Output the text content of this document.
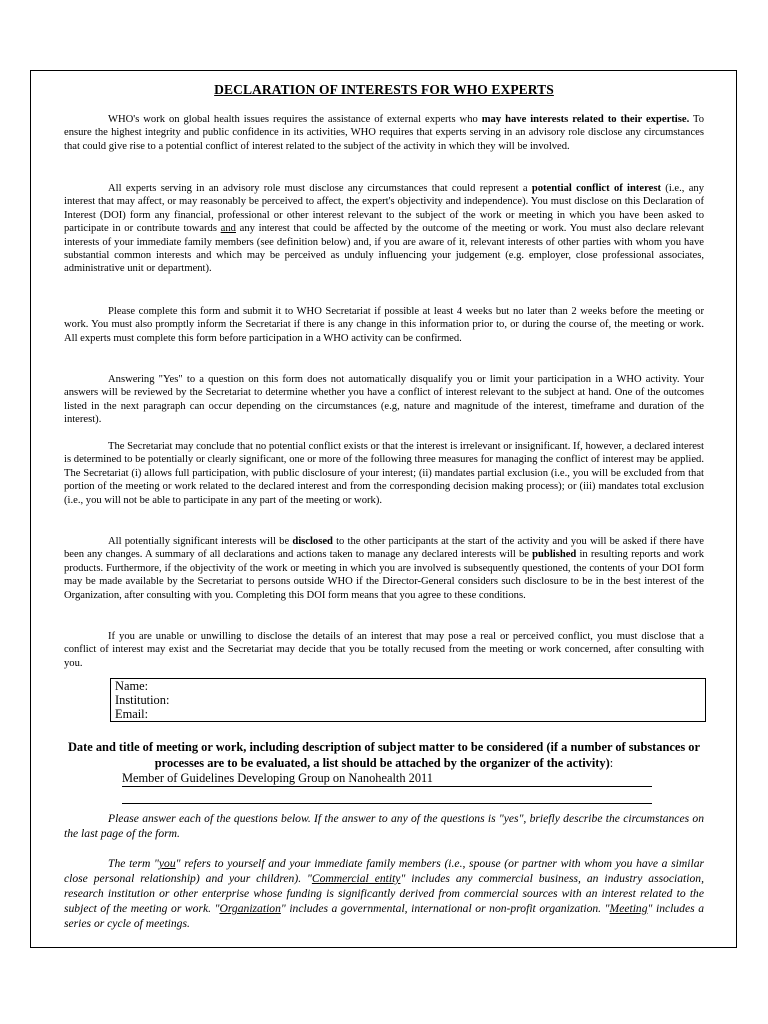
DECLARATION OF INTERESTS FOR WHO EXPERTS
WHO's work on global health issues requires the assistance of external experts who may have interests related to their expertise. To ensure the highest integrity and public confidence in its activities, WHO requires that experts serving in an advisory role disclose any circumstances that could give rise to a potential conflict of interest related to the subject of the activity in which they will be involved.
All experts serving in an advisory role must disclose any circumstances that could represent a potential conflict of interest (i.e., any interest that may affect, or may reasonably be perceived to affect, the expert's objectivity and independence). You must disclose on this Declaration of Interest (DOI) form any financial, professional or other interest relevant to the subject of the work or meeting in which you have been asked to participate in or contribute towards and any interest that could be affected by the outcome of the meeting or work. You must also declare relevant interests of your immediate family members (see definition below) and, if you are aware of it, relevant interests of other parties with whom you have substantial common interests and which may be perceived as unduly influencing your judgement (e.g. employer, close professional associates, administrative unit or department).
Please complete this form and submit it to WHO Secretariat if possible at least 4 weeks but no later than 2 weeks before the meeting or work. You must also promptly inform the Secretariat if there is any change in this information prior to, or during the course of, the meeting or work. All experts must complete this form before participation in a WHO activity can be confirmed.
Answering "Yes" to a question on this form does not automatically disqualify you or limit your participation in a WHO activity. Your answers will be reviewed by the Secretariat to determine whether you have a conflict of interest relevant to the subject at hand. One of the outcomes listed in the next paragraph can occur depending on the circumstances (e.g, nature and magnitude of the interest, timeframe and duration of the interest).
The Secretariat may conclude that no potential conflict exists or that the interest is irrelevant or insignificant. If, however, a declared interest is determined to be potentially or clearly significant, one or more of the following three measures for managing the conflict of interest may be applied. The Secretariat (i) allows full participation, with public disclosure of your interest; (ii) mandates partial exclusion (i.e., you will be excluded from that portion of the meeting or work related to the declared interest and from the corresponding decision making process); or (iii) mandates total exclusion (i.e., you will not be able to participate in any part of the meeting or work).
All potentially significant interests will be disclosed to the other participants at the start of the activity and you will be asked if there have been any changes. A summary of all declarations and actions taken to manage any declared interests will be published in resulting reports and work products. Furthermore, if the objectivity of the work or meeting in which you are involved is subsequently questioned, the contents of your DOI form may be made available by the Secretariat to persons outside WHO if the Director-General considers such disclosure to be in the best interest of the Organization, after consulting with you. Completing this DOI form means that you agree to these conditions.
If you are unable or unwilling to disclose the details of an interest that may pose a real or perceived conflict, you must disclose that a conflict of interest may exist and the Secretariat may decide that you be totally recused from the meeting or work concerned, after consulting with you.
Name:
Institution:
Email:
Date and title of meeting or work, including description of subject matter to be considered (if a number of substances or processes are to be evaluated, a list should be attached by the organizer of the activity):
Member of Guidelines Developing Group on Nanohealth 2011
Please answer each of the questions below. If the answer to any of the questions is "yes", briefly describe the circumstances on the last page of the form.
The term "you" refers to yourself and your immediate family members (i.e., spouse (or partner with whom you have a similar close personal relationship) and your children). "Commercial entity" includes any commercial business, an industry association, research institution or other enterprise whose funding is significantly derived from commercial sources with an interest related to the subject of the meeting or work. "Organization" includes a governmental, international or non-profit organization. "Meeting" includes a series or cycle of meetings.
